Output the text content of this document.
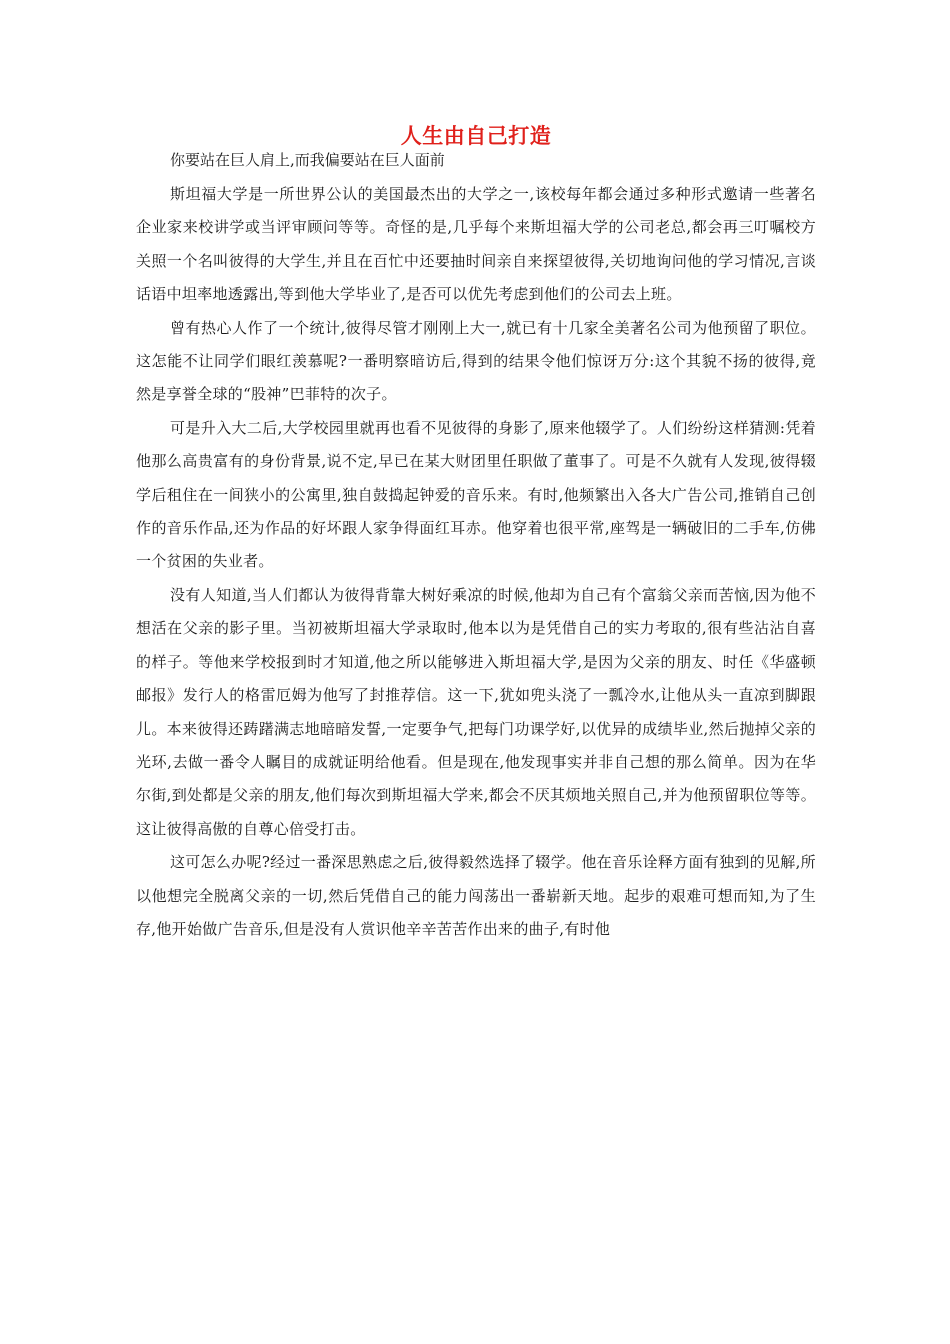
人生由自己打造

你要站在巨人肩上,而我偏要站在巨人面前

斯坦福大学是一所世界公认的美国最杰出的大学之一,该校每年都会通过多种形式邀请一些著名企业家来校讲学或当评审顾问等等。奇怪的是,几乎每个来斯坦福大学的公司老总,都会再三叮嘱校方关照一个名叫彼得的大学生,并且在百忙中还要抽时间亲自来探望彼得,关切地询问他的学习情况,言谈话语中坦率地透露出,等到他大学毕业了,是否可以优先考虑到他们的公司去上班。

曾有热心人作了一个统计,彼得尽管才刚刚上大一,就已有十几家全美著名公司为他预留了职位。这怎能不让同学们眼红羡慕呢?一番明察暗访后,得到的结果令他们惊讶万分:这个其貌不扬的彼得,竟然是享誉全球的“股神”巴菲特的次子。

可是升入大二后,大学校园里就再也看不见彼得的身影了,原来他辍学了。人们纷纷这样猜测:凭着他那么高贵富有的身份背景,说不定,早已在某大财团里任职做了董事了。可是不久就有人发现,彼得辍学后租住在一间狭小的公寓里,独自鼓捣起钟爱的音乐来。有时,他频繁出入各大广告公司,推销自己创作的音乐作品,还为作品的好坏跟人家争得面红耳赤。他穿着也很平常,座驾是一辆破旧的二手车,仿佛一个贫困的失业者。

没有人知道,当人们都认为彼得背靠大树好乘凉的时候,他却为自己有个富翁父亲而苦恼,因为他不想活在父亲的影子里。当初被斯坦福大学录取时,他本以为是凭借自己的实力考取的,很有些沾沾自喜的样子。等他来学校报到时才知道,他之所以能够进入斯坦福大学,是因为父亲的朋友、时任《华盛顿邮报》发行人的格雷厄姆为他写了封推荐信。这一下,犹如兜头浇了一瓢冷水,让他从头一直凉到脚跟儿。本来彼得还踌躇满志地暗暗发誓,一定要争气,把每门功课学好,以优异的成绩毕业,然后抛掉父亲的光环,去做一番令人瞩目的成就证明给他看。但是现在,他发现事实并非自己想的那么简单。因为在华尔街,到处都是父亲的朋友,他们每次到斯坦福大学来,都会不厌其烦地关照自己,并为他预留职位等等。这让彼得高傲的自尊心倍受打击。

这可怎么办呢?经过一番深思熟虑之后,彼得毅然选择了辍学。他在音乐诠释方面有独到的见解,所以他想完全脱离父亲的一切,然后凭借自己的能力闯荡出一番崭新天地。起步的艰难可想而知,为了生存,他开始做广告音乐,但是没有人赏识他辛辛苦苦作出来的曲子,有时他
